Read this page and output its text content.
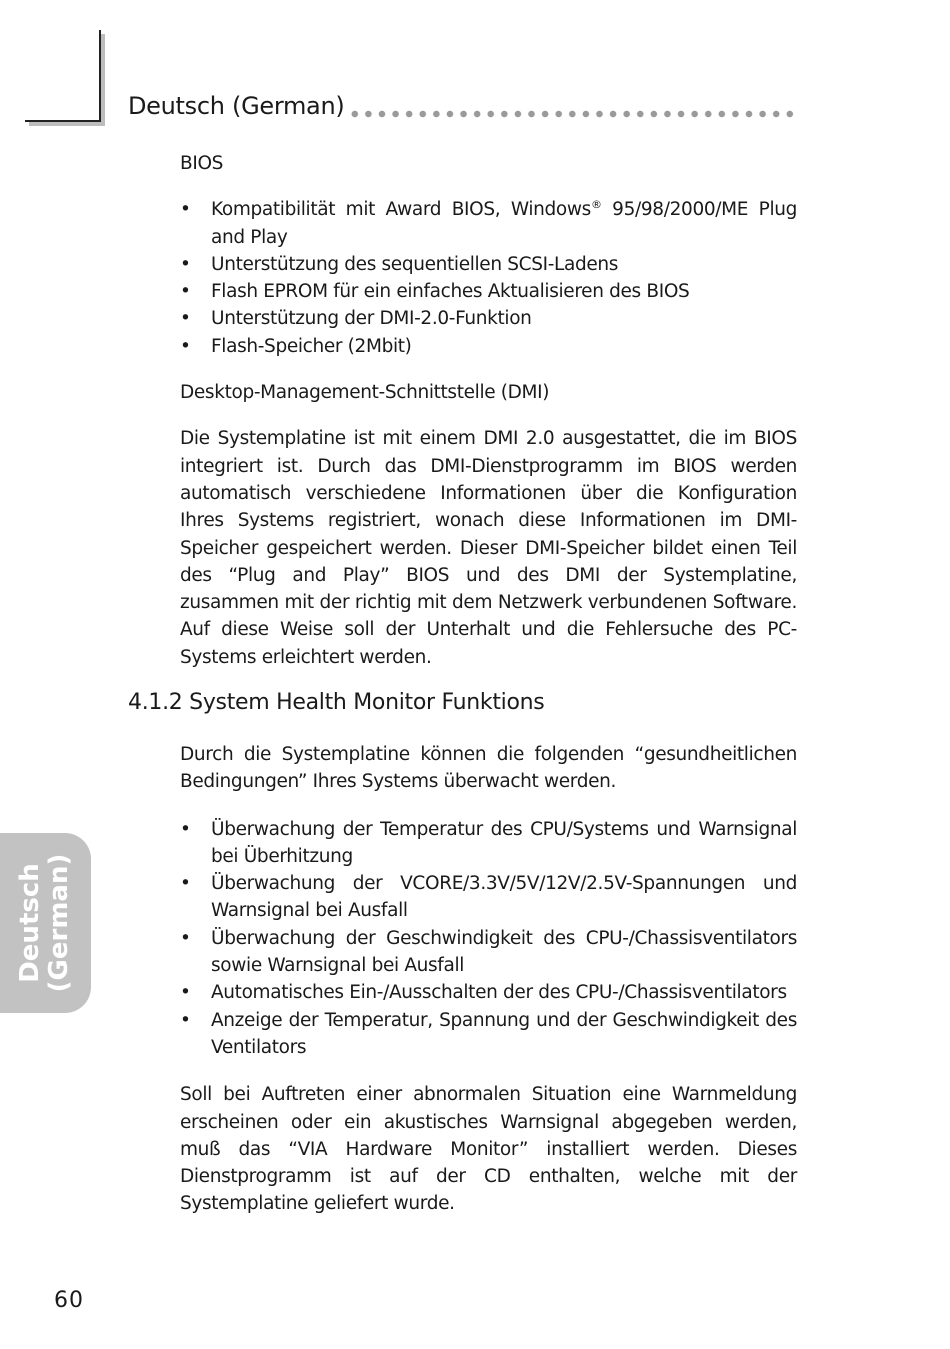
Deutsch (German)
BIOS
• Kompatibilität mit Award BIOS, Windows® 95/98/2000/ME Plug and Play
• Unterstützung des sequentiellen SCSI-Ladens
• Flash EPROM für ein einfaches Aktualisieren des BIOS
• Unterstützung der DMI-2.0-Funktion
• Flash-Speicher (2Mbit)
Desktop-Management-Schnittstelle (DMI)

Die Systemplatine ist mit einem DMI 2.0 ausgestattet, die im BIOS integriert ist. Durch das DMI-Dienstprogramm im BIOS werden automatisch verschiedene Informationen über die Konfiguration Ihres Systems registriert, wonach diese Informationen im DMI-Speicher gespeichert werden. Dieser DMI-Speicher bildet einen Teil des “Plug and Play” BIOS und des DMI der Systemplatine, zusammen mit der richtig mit dem Netzwerk verbundenen Software. Auf diese Weise soll der Unterhalt und die Fehlersuche des PC-Systems erleichtert werden.

4.1.2 System Health Monitor Funktions

Durch die Systemplatine können die folgenden “gesundheitlichen Bedingungen” Ihres Systems überwacht werden.

• Überwachung der Temperatur des CPU/Systems und Warnsignal bei Überhitzung
• Überwachung der VCORE/3.3V/5V/12V/2.5V-Spannungen und Warnsignal bei Ausfall
• Überwachung der Geschwindigkeit des CPU-/Chassisventilators sowie Warnsignal bei Ausfall
• Automatisches Ein-/Ausschalten der des CPU-/Chassisventilators
• Anzeige der Temperatur, Spannung und der Geschwindigkeit des Ventilators

Soll bei Auftreten einer abnormalen Situation eine Warnmeldung erscheinen oder ein akustisches Warnsignal abgegeben werden, muß das “VIA Hardware Monitor” installiert werden. Dieses Dienstprogramm ist auf der CD enthalten, welche mit der Systemplatine geliefert wurde.

Deutsch (German)
60
